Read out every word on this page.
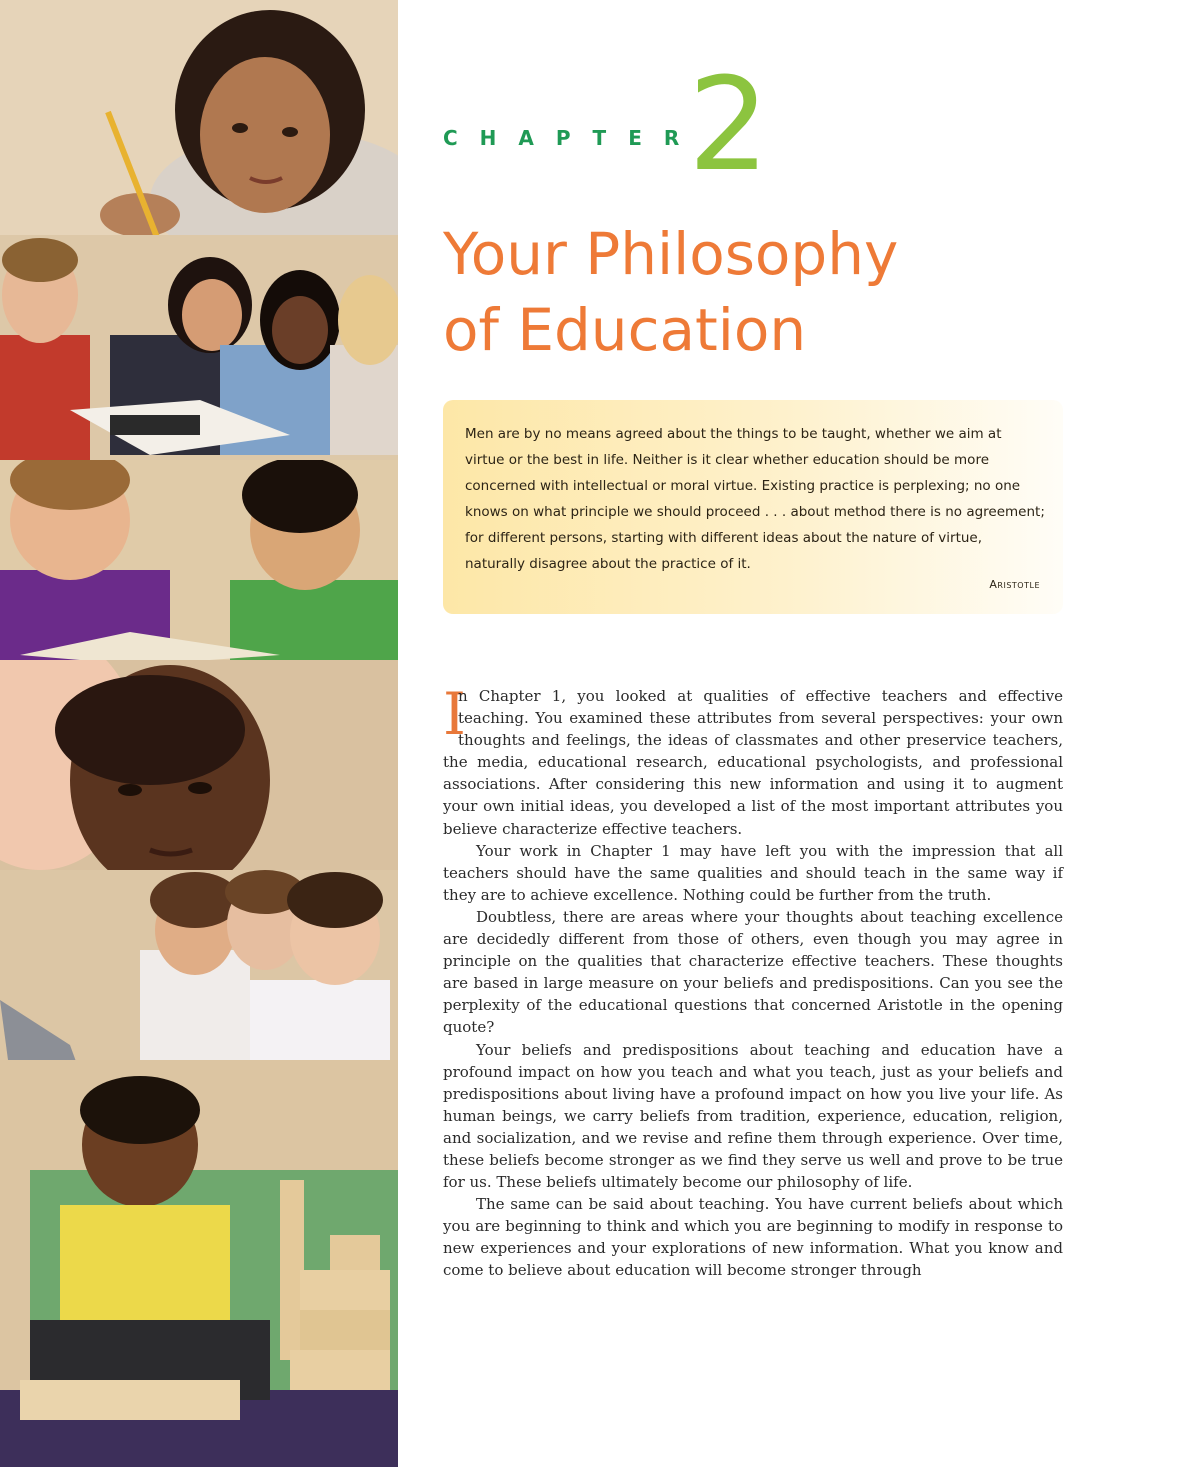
CHAPTER
2
Your Philosophy
of Education

Men are by no means agreed about the things to be taught, whether we aim at virtue or the best in life. Neither is it clear whether education should be more concerned with intellectual or moral virtue. Existing practice is perplexing; no one knows on what principle we should proceed . . . about method there is no agreement; for different persons, starting with different ideas about the nature of virtue, naturally disagree about the practice of it.

Aristotle

I
n Chapter 1, you looked at qualities of effective teachers and effective teaching. You examined these attributes from several perspectives: your own thoughts and feelings, the ideas of classmates and other preservice teachers, the media, educational research, educational psychologists, and professional associations. After considering this new information and using it to augment your own initial ideas, you developed a list of the most important attributes you believe characterize effective teachers.

Your work in Chapter 1 may have left you with the impression that all teachers should have the same qualities and should teach in the same way if they are to achieve excellence. Nothing could be further from the truth.

Doubtless, there are areas where your thoughts about teaching excellence are decidedly different from those of others, even though you may agree in principle on the qualities that characterize effective teachers. These thoughts are based in large measure on your beliefs and predispositions. Can you see the perplexity of the educational questions that concerned Aristotle in the opening quote?

Your beliefs and predispositions about teaching and education have a profound impact on how you teach and what you teach, just as your beliefs and predispositions about living have a profound impact on how you live your life. As human beings, we carry beliefs from tradition, experience, education, religion, and socialization, and we revise and refine them through experience. Over time, these beliefs become stronger as we find they serve us well and prove to be true for us. These beliefs ultimately become our philosophy of life.

The same can be said about teaching. You have current beliefs about which you are beginning to think and which you are beginning to modify in response to new experiences and your explorations of new information. What you know and come to believe about education will become stronger through
